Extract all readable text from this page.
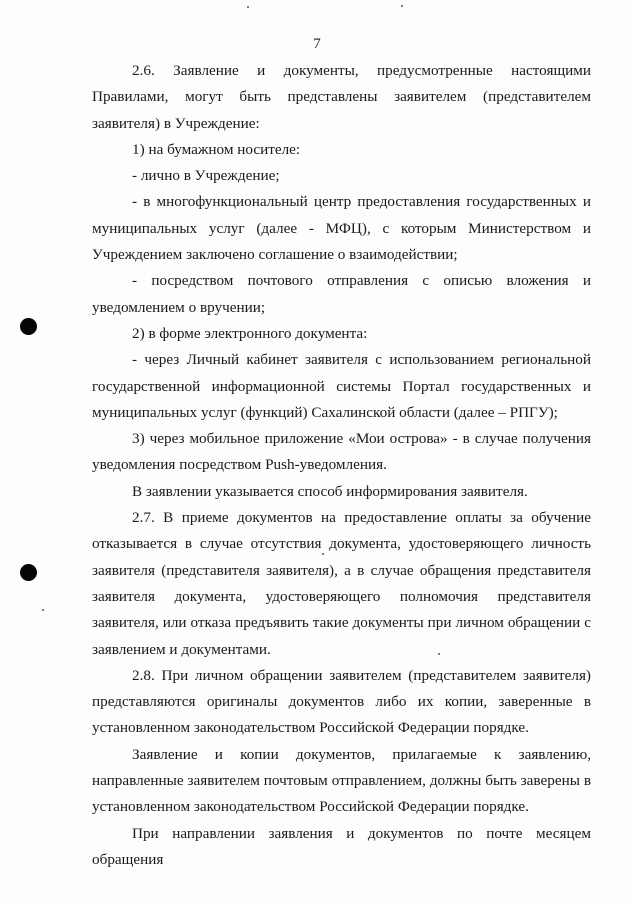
7

2.6. Заявление и документы, предусмотренные настоящими Правилами, могут быть представлены заявителем (представителем заявителя) в Учреждение:

1) на бумажном носителе:

- лично в Учреждение;

- в многофункциональный центр предоставления государственных и муниципальных услуг (далее - МФЦ), с которым Министерством и Учреждением заключено соглашение о взаимодействии;

- посредством почтового отправления с описью вложения и уведомлением о вручении;

2) в форме электронного документа:

- через Личный кабинет заявителя с использованием региональной государственной информационной системы Портал государственных и муниципальных услуг (функций) Сахалинской области (далее – РПГУ);

3) через мобильное приложение «Мои острова» - в случае получения уведомления посредством Push-уведомления.

В заявлении указывается способ информирования заявителя.

2.7. В приеме документов на предоставление оплаты за обучение отказывается в случае отсутствия документа, удостоверяющего личность заявителя (представителя заявителя), а в случае обращения представителя заявителя документа, удостоверяющего полномочия представителя заявителя, или отказа предъявить такие документы при личном обращении с заявлением и документами.

2.8. При личном обращении заявителем (представителем заявителя) представляются оригиналы документов либо их копии, заверенные в установленном законодательством Российской Федерации порядке.

Заявление и копии документов, прилагаемые к заявлению, направленные заявителем почтовым отправлением, должны быть заверены в установленном законодательством Российской Федерации порядке.

При направлении заявления и документов по почте месяцем обращения
